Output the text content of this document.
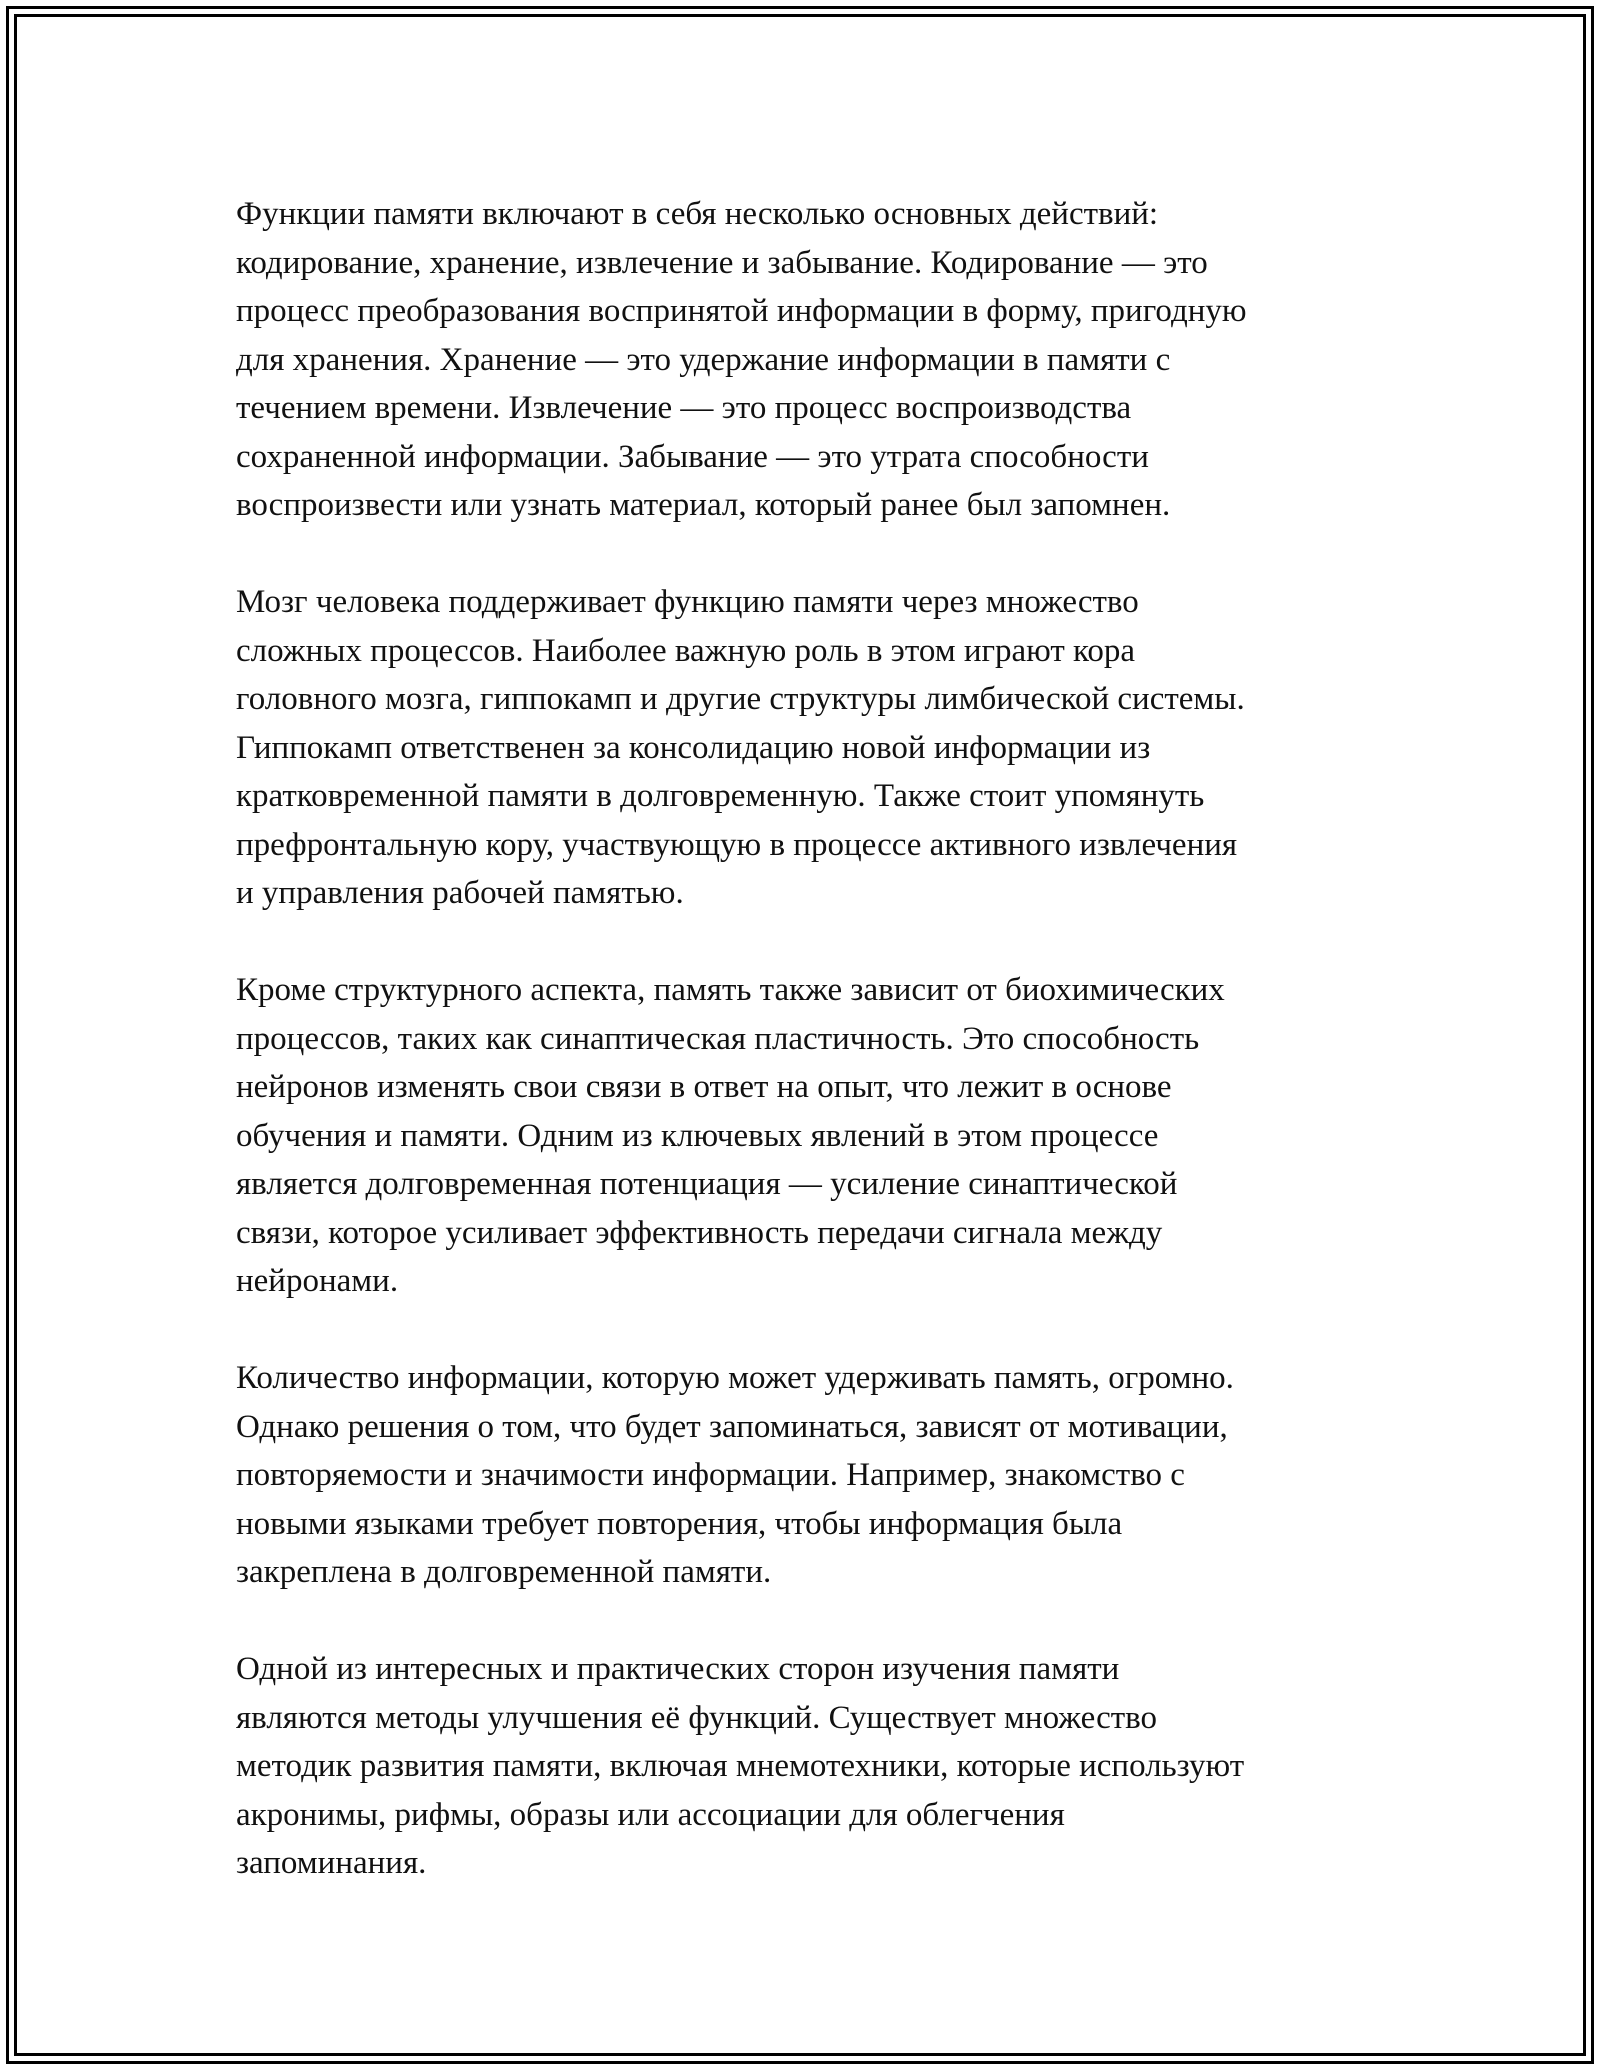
Функции памяти включают в себя несколько основных действий:
кодирование, хранение, извлечение и забывание. Кодирование — это
процесс преобразования воспринятой информации в форму, пригодную
для хранения. Хранение — это удержание информации в памяти с
течением времени. Извлечение — это процесс воспроизводства
сохраненной информации. Забывание — это утрата способности
воспроизвести или узнать материал, который ранее был запомнен.

Мозг человека поддерживает функцию памяти через множество
сложных процессов. Наиболее важную роль в этом играют кора
головного мозга, гиппокамп и другие структуры лимбической системы.
Гиппокамп ответственен за консолидацию новой информации из
кратковременной памяти в долговременную. Также стоит упомянуть
префронтальную кору, участвующую в процессе активного извлечения
и управления рабочей памятью.

Кроме структурного аспекта, память также зависит от биохимических
процессов, таких как синаптическая пластичность. Это способность
нейронов изменять свои связи в ответ на опыт, что лежит в основе
обучения и памяти. Одним из ключевых явлений в этом процессе
является долговременная потенциация — усиление синаптической
связи, которое усиливает эффективность передачи сигнала между
нейронами.

Количество информации, которую может удерживать память, огромно.
Однако решения о том, что будет запоминаться, зависят от мотивации,
повторяемости и значимости информации. Например, знакомство с
новыми языками требует повторения, чтобы информация была
закреплена в долговременной памяти.

Одной из интересных и практических сторон изучения памяти
являются методы улучшения её функций. Существует множество
методик развития памяти, включая мнемотехники, которые используют
акронимы, рифмы, образы или ассоциации для облегчения
запоминания.
